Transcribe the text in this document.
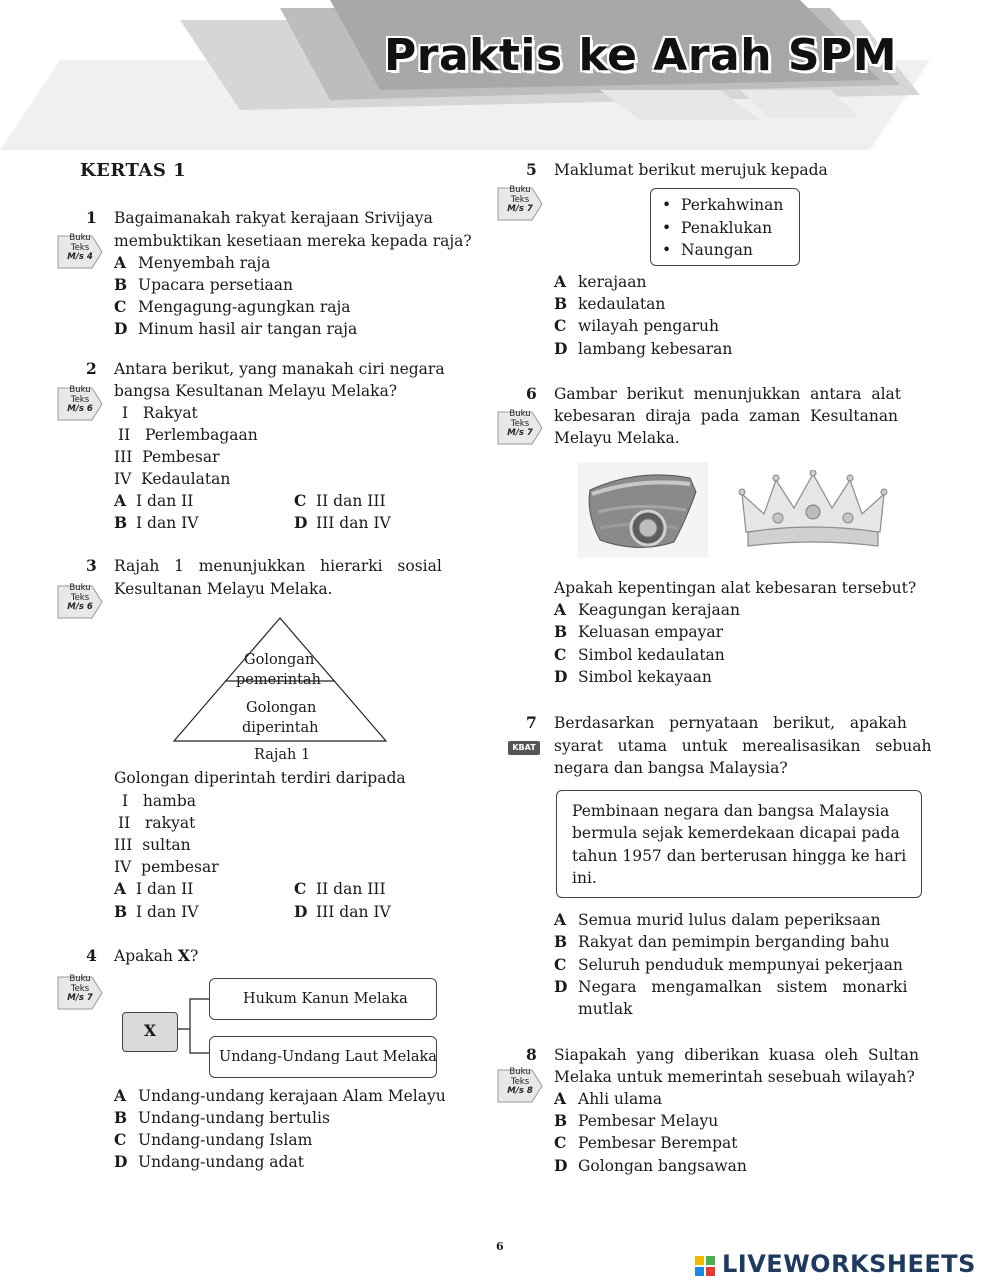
Praktis ke Arah SPM
KERTAS 1
1 Bagaimanakah rakyat kerajaan Srivijaya
membuktikan kesetiaan mereka kepada raja?
Buku
Teks
M/s 4	A Menyembah raja
B Upacara persetiaan
C Mengagung-agungkan raja
D Minum hasil air tangan raja
2 Antara berikut, yang manakah ciri negara
bangsa Kesultanan Melayu Melaka?
Buku
Teks
M/s 6	I   Rakyat
II   Perlembagaan
III  Pembesar
IV  Kedaulatan
A I dan II	C II dan III
B I dan IV	D III dan IV
3 Rajah   1   menunjukkan   hierarki   sosial
Kesultanan Melayu Melaka.
Buku
Teks
M/s 6
Golongan
pemerintah
Golongan
diperintah
Rajah 1
Golongan diperintah terdiri daripada
I   hamba
II   rakyat
III  sultan
IV  pembesar
A I dan II	C II dan III
B I dan IV	D III dan IV
4 Apakah X?
Buku
Teks
M/s 7
X
Hukum Kanun Melaka
Undang-Undang Laut Melaka
A Undang-undang kerajaan Alam Melayu
B Undang-undang bertulis
C Undang-undang Islam
D Undang-undang adat
5 Maklumat berikut merujuk kepada
Buku
Teks
M/s 7	•  Perkahwinan
•  Penaklukan
•  Naungan
A kerajaan
B kedaulatan
C wilayah pengaruh
D lambang kebesaran
6 Gambar  berikut  menunjukkan  antara  alat
kebesaran  diraja  pada  zaman  Kesultanan
Melayu Melaka.
Buku
Teks
M/s 7
Apakah kepentingan alat kebesaran tersebut?
A Keagungan kerajaan
B Keluasan empayar
C Simbol kedaulatan
D Simbol kekayaan
7 Berdasarkan   pernyataan   berikut,   apakah
syarat   utama   untuk   merealisasikan   sebuah
negara dan bangsa Malaysia?
KBAT
Pembinaan negara dan bangsa Malaysia
bermula sejak kemerdekaan dicapai pada
tahun 1957 dan berterusan hingga ke hari
ini.
A Semua murid lulus dalam peperiksaan
B Rakyat dan pemimpin berganding bahu
C Seluruh penduduk mempunyai pekerjaan
D Negara   mengamalkan   sistem   monarki
mutlak
8 Siapakah  yang  diberikan  kuasa  oleh  Sultan
Melaka untuk memerintah sesebuah wilayah?
Buku
Teks
M/s 8	A Ahli ulama
B Pembesar Melayu
C Pembesar Berempat
D Golongan bangsawan
6
LIVEWORKSHEETS
